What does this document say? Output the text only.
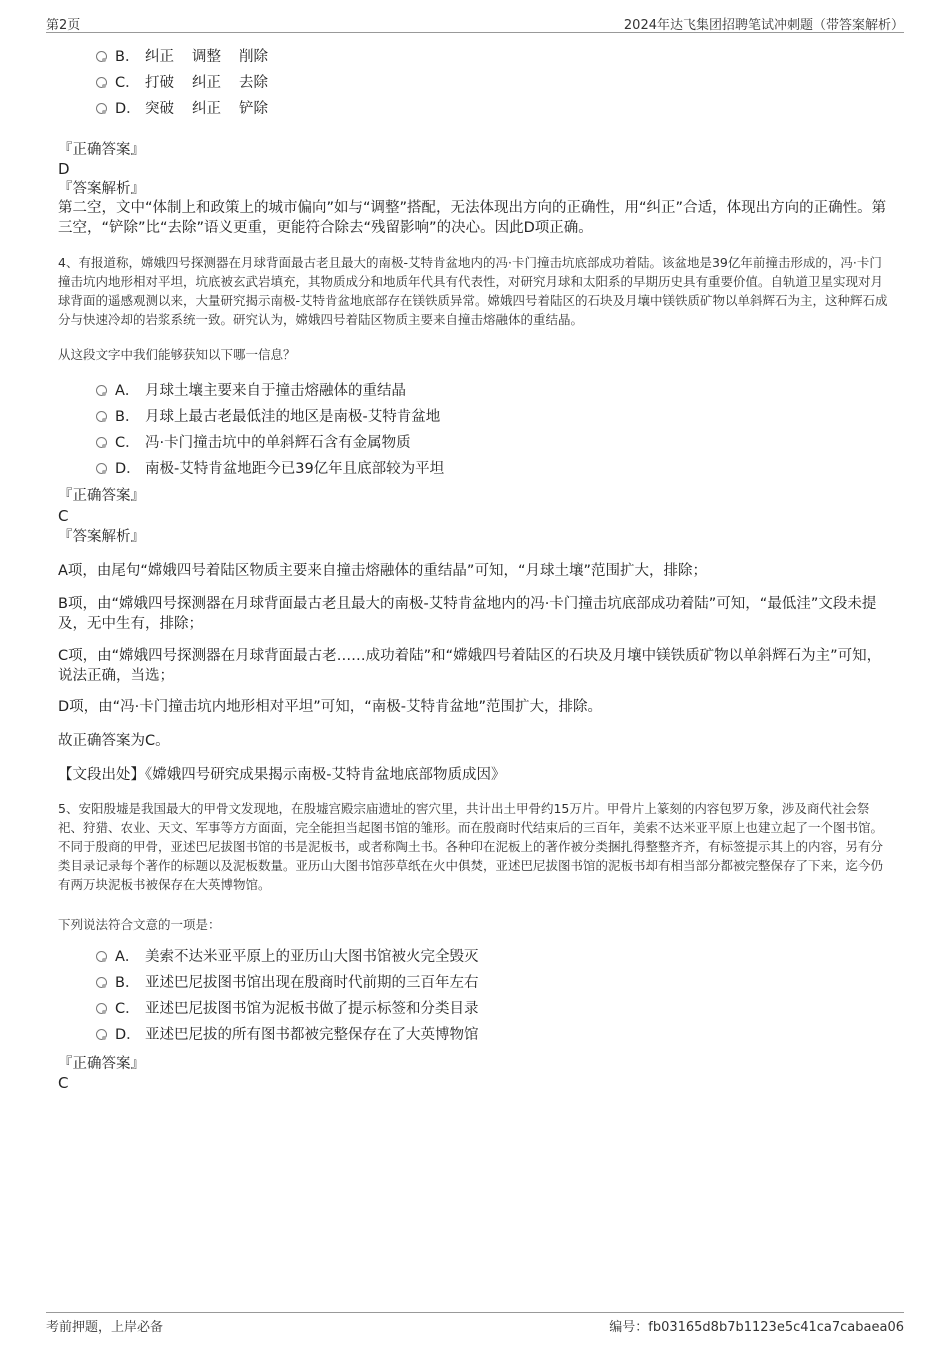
第2页	2024年达飞集团招聘笔试冲刺题（带答案解析）
B． 纠正 调整 削除
C． 打破 纠正 去除
D． 突破 纠正 铲除
『正确答案』
D
『答案解析』
第二空，文中“体制上和政策上的城市偏向”如与“调整”搭配，无法体现出方向的正确性，用“纠正”合适，体现出方向的正确性。第三空，“铲除”比“去除”语义更重，更能符合除去“残留影响”的决心。因此D项正确。
4、有报道称，嫦娥四号探测器在月球背面最古老且最大的南极-艾特肯盆地内的冯·卡门撞击坑底部成功着陆。该盆地是39亿年前撞击形成的，冯·卡门撞击坑内地形相对平坦，坑底被玄武岩填充，其物质成分和地质年代具有代表性，对研究月球和太阳系的早期历史具有重要价值。自轨道卫星实现对月球背面的遥感观测以来，大量研究揭示南极-艾特肯盆地底部存在镁铁质异常。嫦娥四号着陆区的石块及月壤中镁铁质矿物以单斜辉石为主，这种辉石成分与快速冷却的岩浆系统一致。研究认为，嫦娥四号着陆区物质主要来自撞击熔融体的重结晶。
从这段文字中我们能够获知以下哪一信息？
A． 月球土壤主要来自于撞击熔融体的重结晶
B． 月球上最古老最低洼的地区是南极-艾特肯盆地
C． 冯·卡门撞击坑中的单斜辉石含有金属物质
D． 南极-艾特肯盆地距今已39亿年且底部较为平坦
『正确答案』
C
『答案解析』
A项，由尾句“嫦娥四号着陆区物质主要来自撞击熔融体的重结晶”可知，“月球土壤”范围扩大，排除；
B项，由“嫦娥四号探测器在月球背面最古老且最大的南极-艾特肯盆地内的冯·卡门撞击坑底部成功着陆”可知，“最低洼”文段未提及，无中生有，排除；
C项，由“嫦娥四号探测器在月球背面最古老……成功着陆”和“嫦娥四号着陆区的石块及月壤中镁铁质矿物以单斜辉石为主”可知，说法正确，当选；
D项，由“冯·卡门撞击坑内地形相对平坦”可知，“南极-艾特肯盆地”范围扩大，排除。
故正确答案为C。
【文段出处】《嫦娥四号研究成果揭示南极-艾特肯盆地底部物质成因》
5、安阳殷墟是我国最大的甲骨文发现地，在殷墟宫殿宗庙遗址的窖穴里，共计出土甲骨约15万片。甲骨片上篆刻的内容包罗万象，涉及商代社会祭祀、狩猎、农业、天文、军事等方方面面，完全能担当起图书馆的雏形。而在殷商时代结束后的三百年，美索不达米亚平原上也建立起了一个图书馆。不同于殷商的甲骨，亚述巴尼拔图书馆的书是泥板书，或者称陶土书。各种印在泥板上的著作被分类捆扎得整整齐齐，有标签提示其上的内容，另有分类目录记录每个著作的标题以及泥板数量。亚历山大图书馆莎草纸在火中俱焚，亚述巴尼拔图书馆的泥板书却有相当部分都被完整保存了下来，迄今仍有两万块泥板书被保存在大英博物馆。
下列说法符合文意的一项是：
A． 美索不达米亚平原上的亚历山大图书馆被火完全毁灭
B． 亚述巴尼拔图书馆出现在殷商时代前期的三百年左右
C． 亚述巴尼拔图书馆为泥板书做了提示标签和分类目录
D． 亚述巴尼拔的所有图书都被完整保存在了大英博物馆
『正确答案』
C
考前押题，上岸必备	编号：fb03165d8b7b1123e5c41ca7cabaea06
